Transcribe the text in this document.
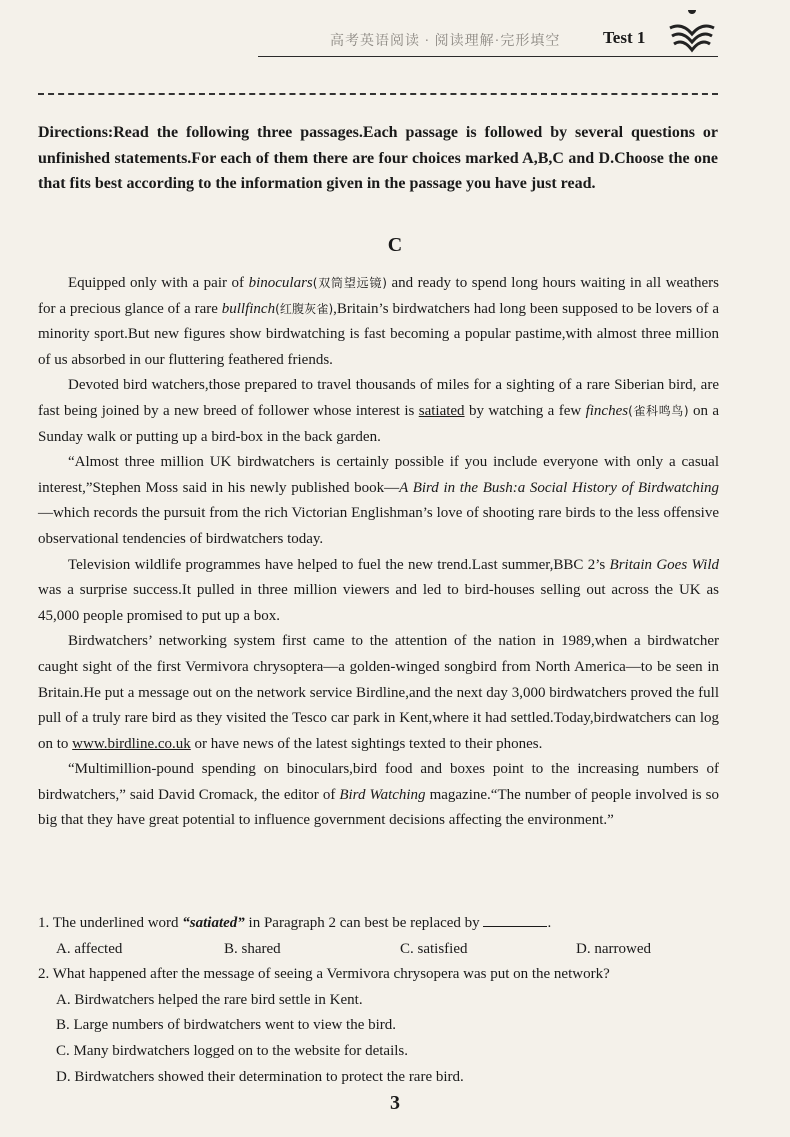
高考英语阅读 · 阅读理解·完形填空	Test 1

Directions:Read the following three passages.Each passage is followed by several questions or unfinished statements.For each of them there are four choices marked A,B,C and D.Choose the one that fits best according to the information given in the passage you have just read.

C

Equipped only with a pair of binoculars(双筒望远镜) and ready to spend long hours waiting in all weathers for a precious glance of a rare bullfinch(红腹灰雀),Britain’s birdwatchers had long been supposed to be lovers of a minority sport.But new figures show birdwatching is fast becoming a popular pastime,with almost three million of us absorbed in our fluttering feathered friends.

Devoted bird watchers,those prepared to travel thousands of miles for a sighting of a rare Siberian bird, are fast being joined by a new breed of follower whose interest is satiated by watching a few finches(雀科鸣鸟) on a Sunday walk or putting up a bird-box in the back garden.

“Almost three million UK birdwatchers is certainly possible if you include everyone with only a casual interest,”Stephen Moss said in his newly published book—A Bird in the Bush:a Social History of Birdwatching—which records the pursuit from the rich Victorian Englishman’s love of shooting rare birds to the less offensive observational tendencies of birdwatchers today.

Television wildlife programmes have helped to fuel the new trend.Last summer,BBC 2’s Britain Goes Wild was a surprise success.It pulled in three million viewers and led to bird-houses selling out across the UK as 45,000 people promised to put up a box.

Birdwatchers’ networking system first came to the attention of the nation in 1989,when a birdwatcher caught sight of the first Vermivora chrysoptera—a golden-winged songbird from North America—to be seen in Britain.He put a message out on the network service Birdline,and the next day 3,000 birdwatchers proved the full pull of a truly rare bird as they visited the Tesco car park in Kent,where it had settled.Today,birdwatchers can log on to www.birdline.co.uk or have news of the latest sightings texted to their phones.

“Multimillion-pound spending on binoculars,bird food and boxes point to the increasing numbers of birdwatchers,” said David Cromack, the editor of Bird Watching magazine.“The number of people involved is so big that they have great potential to influence government decisions affecting the environment.”

1. The underlined word “satiated” in Paragraph 2 can best be replaced by	.

A. affected	B. shared	C. satisfied	D. narrowed

2. What happened after the message of seeing a Vermivora chrysopera was put on the network?

A. Birdwatchers helped the rare bird settle in Kent.

B. Large numbers of birdwatchers went to view the bird.

C. Many birdwatchers logged on to the website for details.

D. Birdwatchers showed their determination to protect the rare bird.

3
